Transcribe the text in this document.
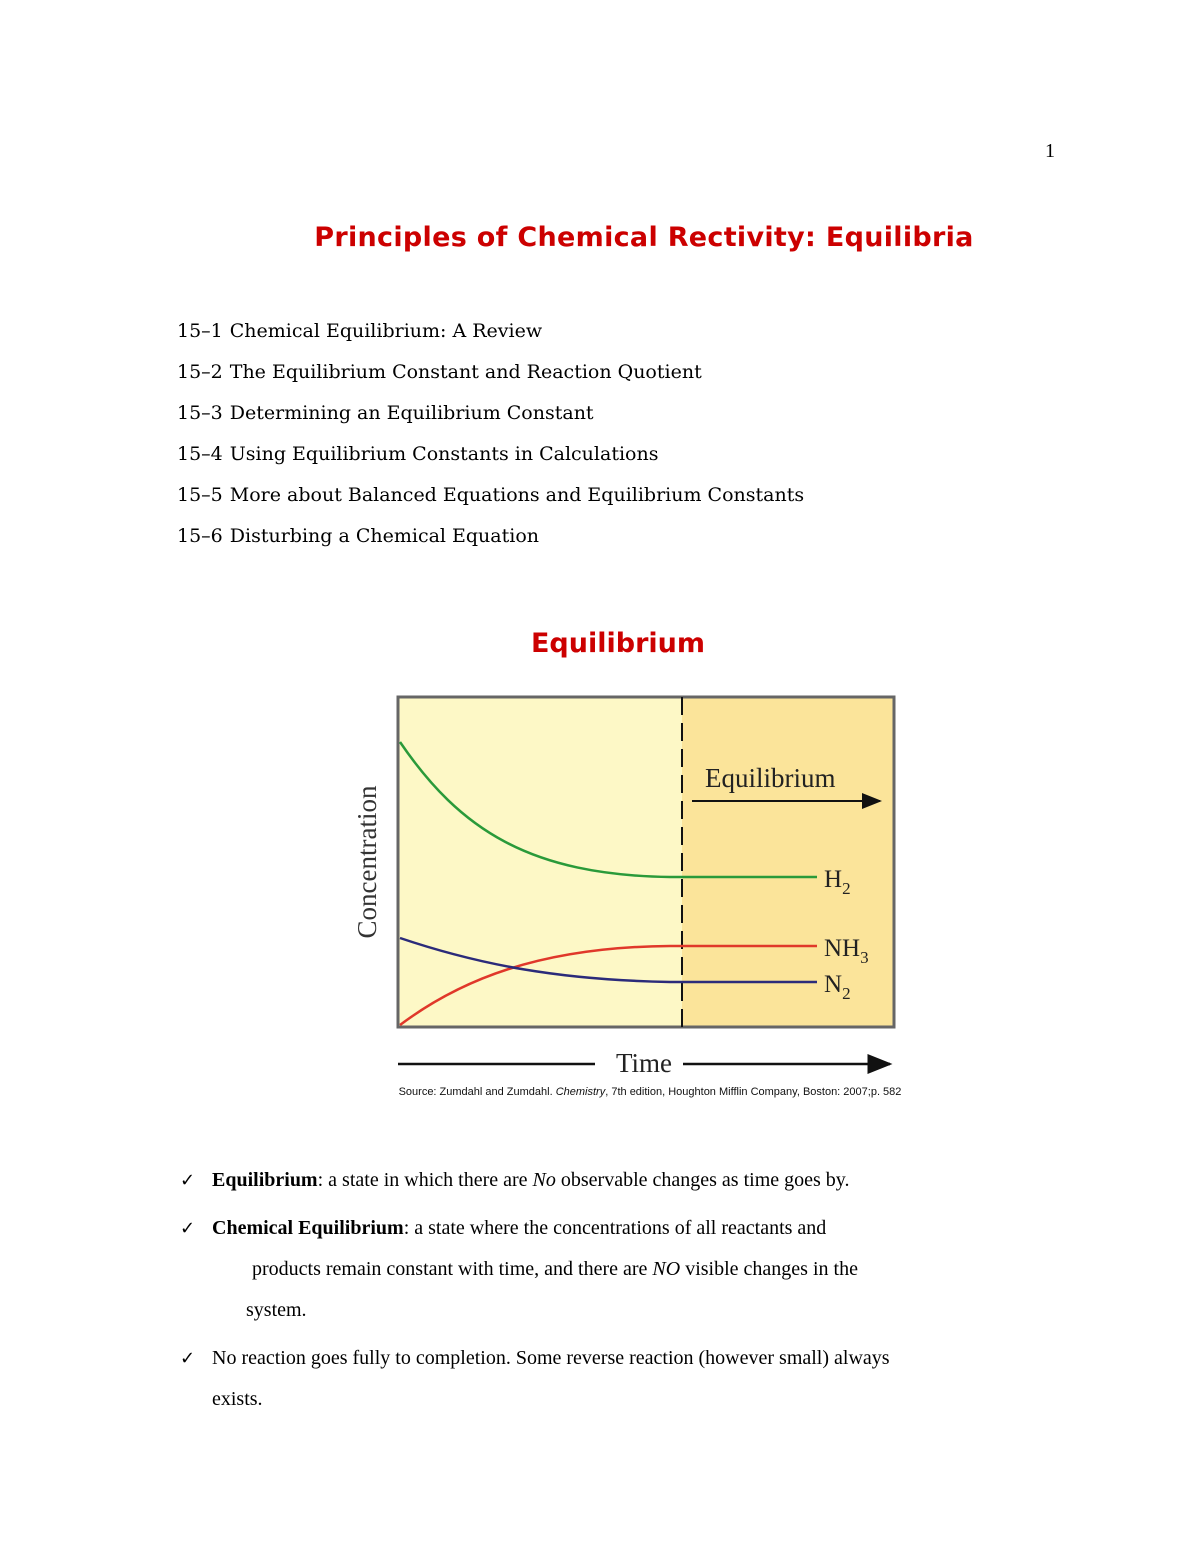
1
Principles of Chemical Rectivity: Equilibria
15–1 Chemical Equilibrium: A Review
15–2 The Equilibrium Constant and Reaction Quotient
15–3 Determining an Equilibrium Constant
15–4 Using Equilibrium Constants in Calculations
15–5 More about Balanced Equations and Equilibrium Constants
15–6 Disturbing a Chemical Equation
Equilibrium
Equilibrium
$H_2$
$NH_3$
$N_2$
Concentration
Time
Source: Zumdahl and Zumdahl. Chemistry, 7th edition, Houghton Mifflin Company, Boston: 2007;p. 582
✓ Equilibrium: a state in which there are No observable changes as time goes by.
✓ Chemical Equilibrium: a state where the concentrations of all reactants and
products remain constant with time, and there are NO visible changes in the
system.
✓ No reaction goes fully to completion. Some reverse reaction (however small) always
exists.
